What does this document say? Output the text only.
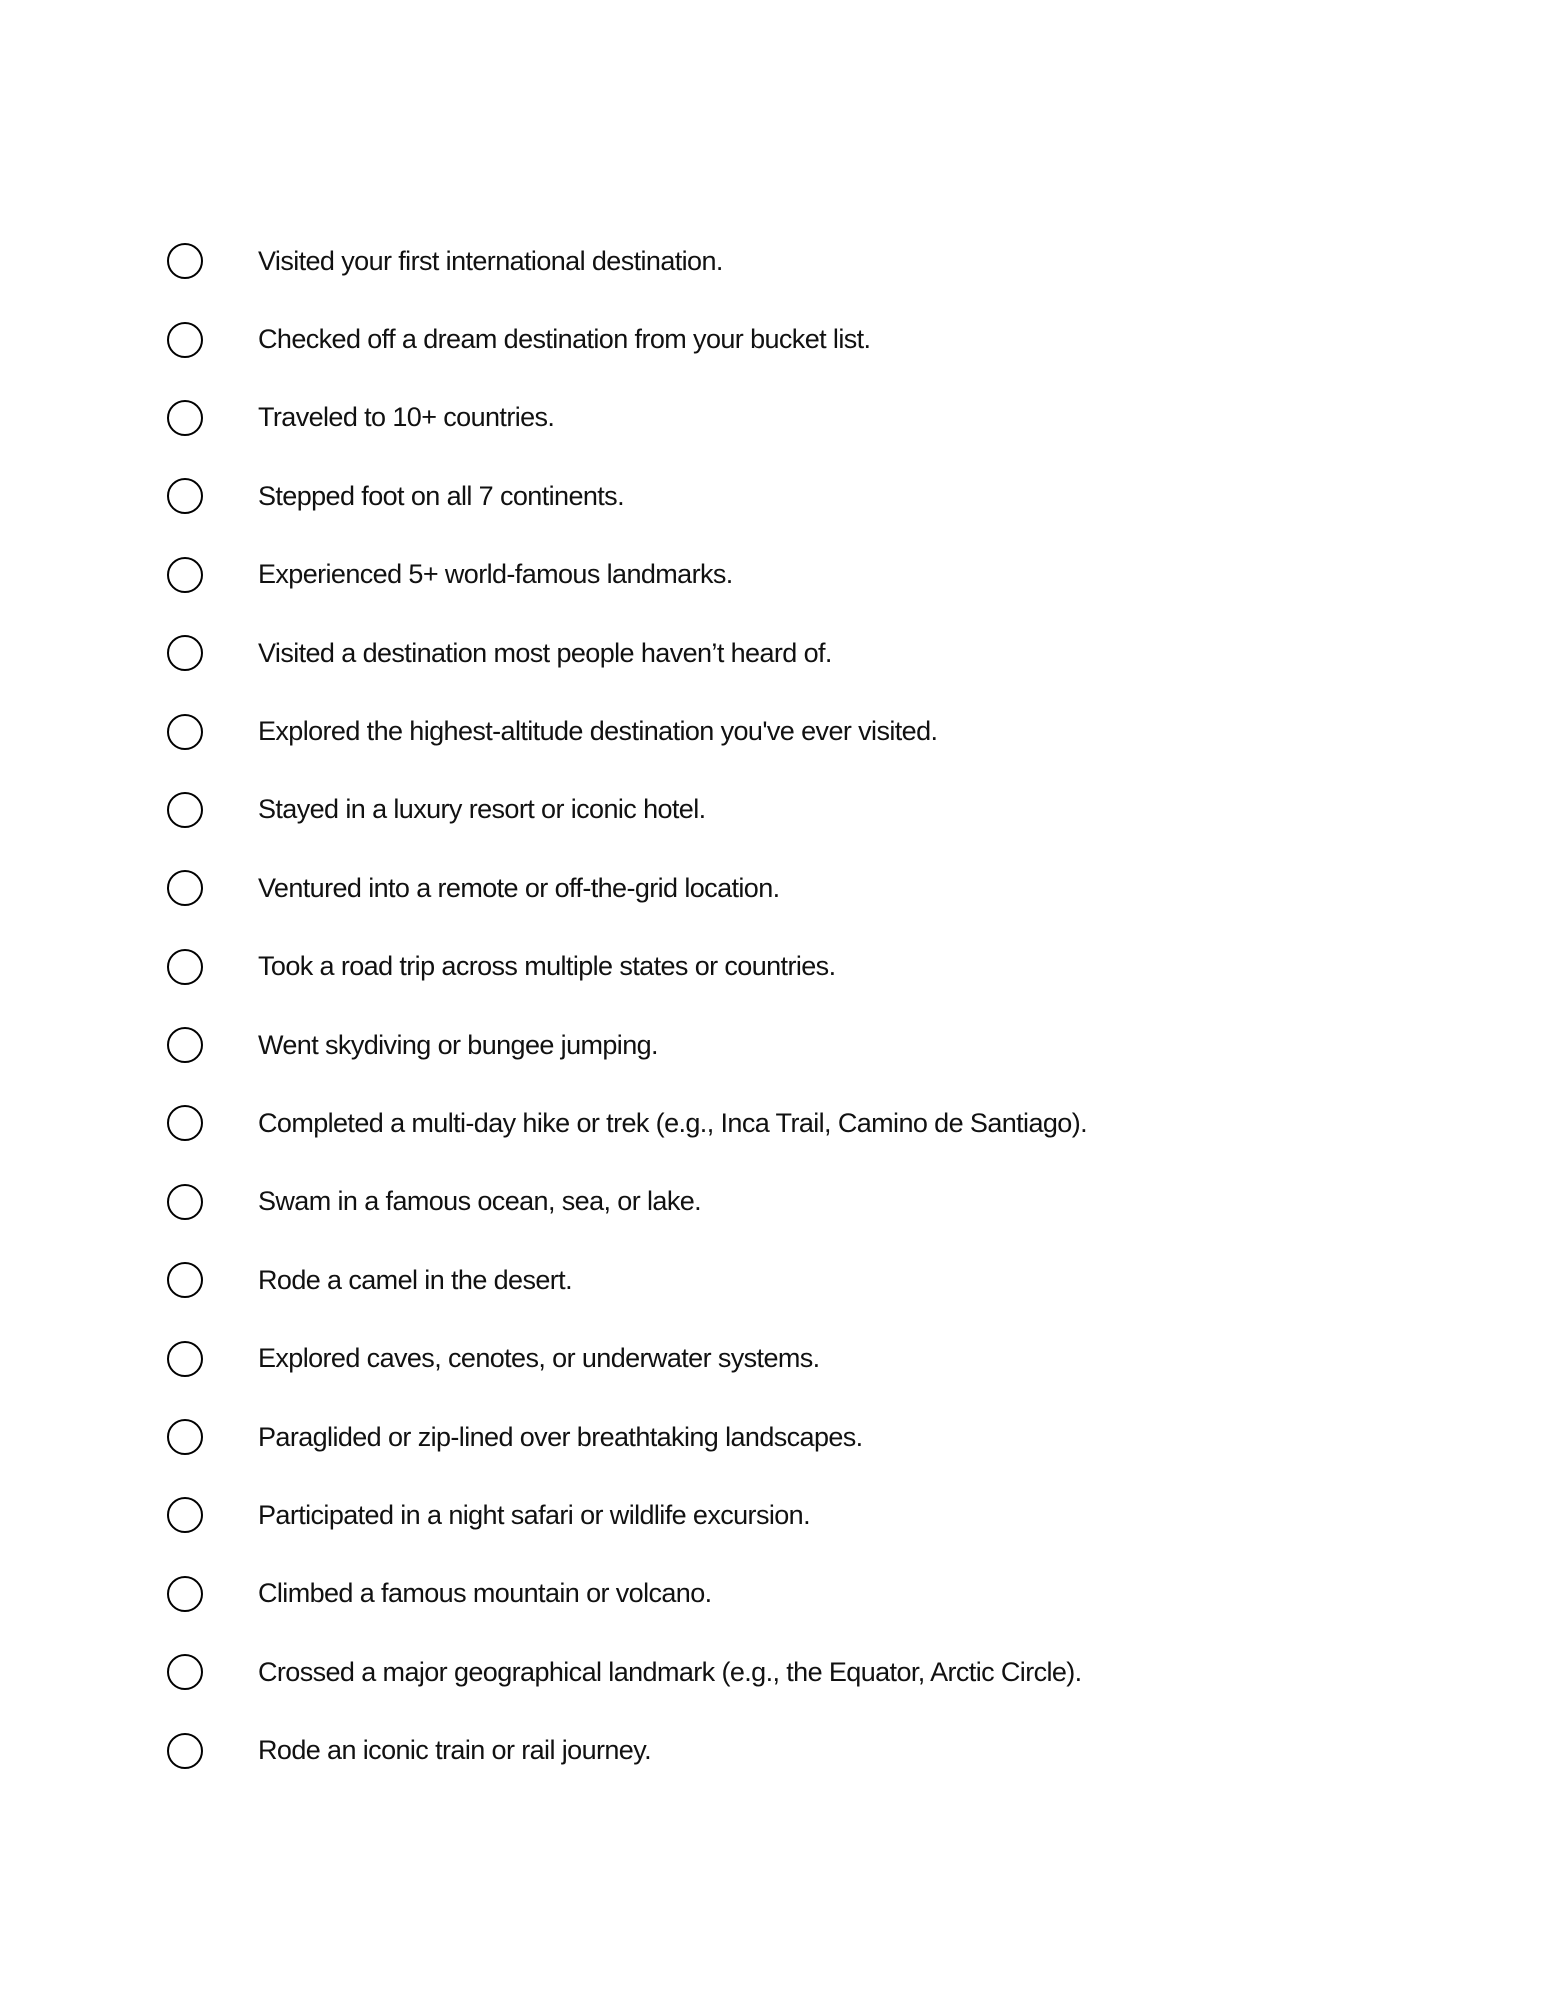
Visited your first international destination.
Checked off a dream destination from your bucket list.
Traveled to 10+ countries.
Stepped foot on all 7 continents.
Experienced 5+ world-famous landmarks.
Visited a destination most people haven’t heard of.
Explored the highest-altitude destination you've ever visited.
Stayed in a luxury resort or iconic hotel.
Ventured into a remote or off-the-grid location.
Took a road trip across multiple states or countries.
Went skydiving or bungee jumping.
Completed a multi-day hike or trek (e.g., Inca Trail, Camino de Santiago).
Swam in a famous ocean, sea, or lake.
Rode a camel in the desert.
Explored caves, cenotes, or underwater systems.
Paraglided or zip-lined over breathtaking landscapes.
Participated in a night safari or wildlife excursion.
Climbed a famous mountain or volcano.
Crossed a major geographical landmark (e.g., the Equator, Arctic Circle).
Rode an iconic train or rail journey.
